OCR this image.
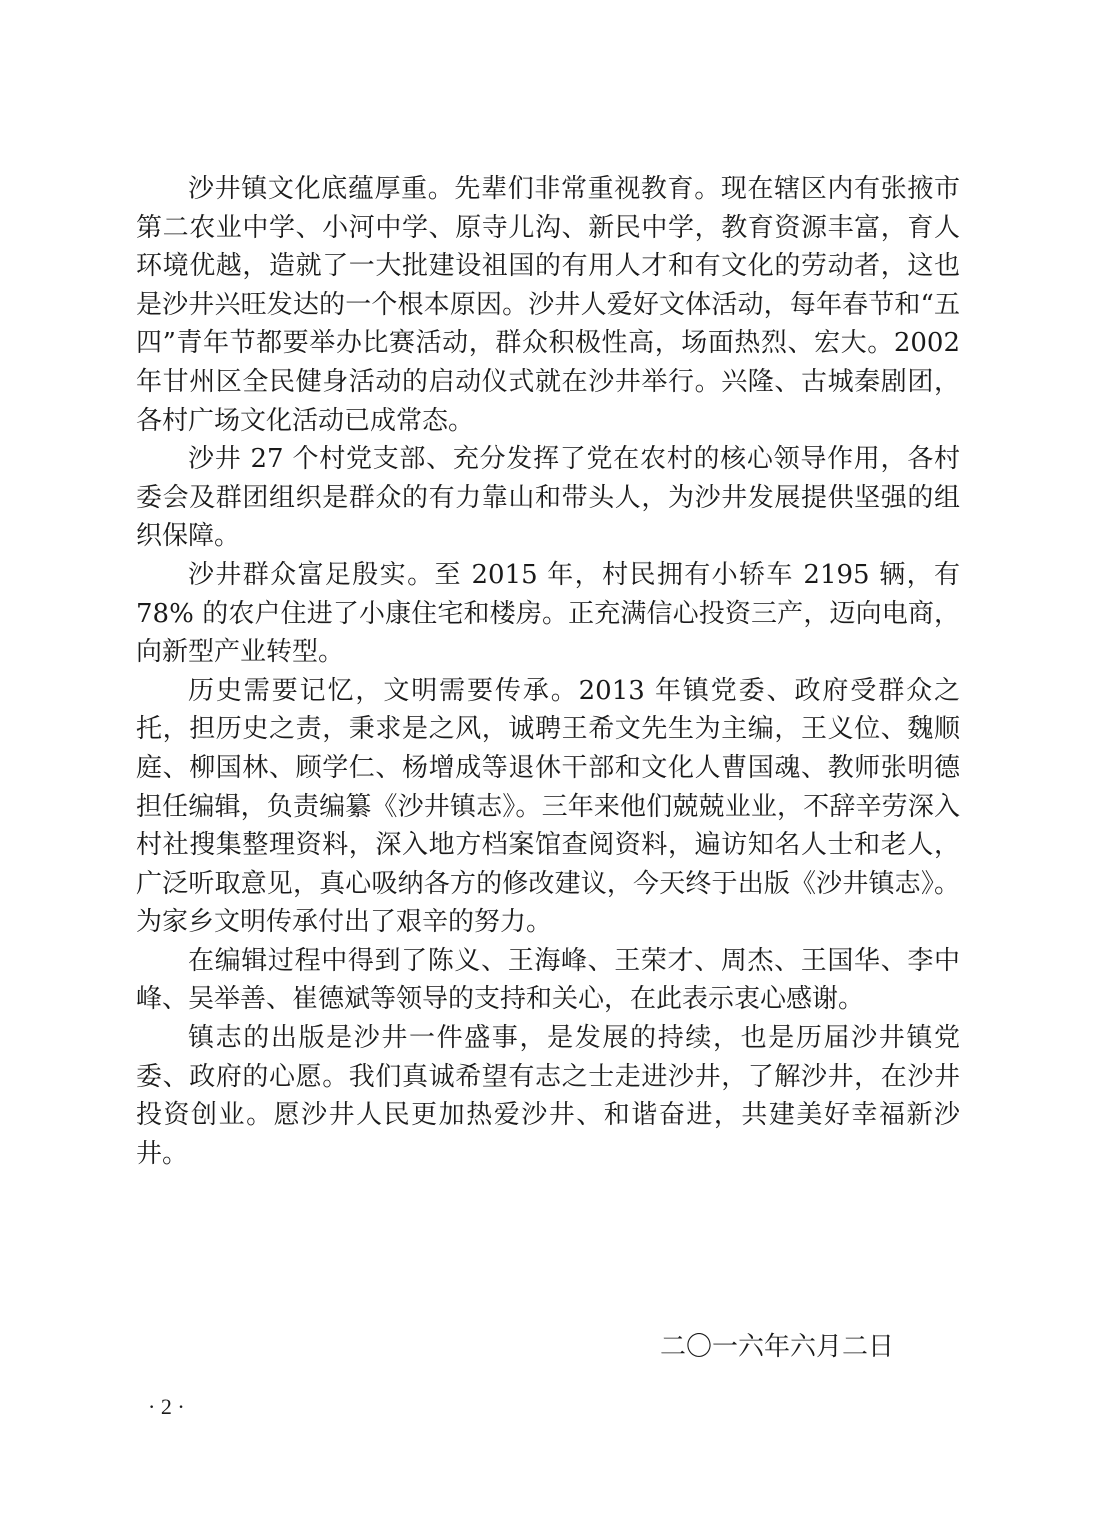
沙井镇文化底蕴厚重。先辈们非常重视教育。现在辖区内有张掖市第二农业中学、小河中学、原寺儿沟、新民中学，教育资源丰富，育人环境优越，造就了一大批建设祖国的有用人才和有文化的劳动者，这也是沙井兴旺发达的一个根本原因。沙井人爱好文体活动，每年春节和“五四”青年节都要举办比赛活动，群众积极性高，场面热烈、宏大。2002 年甘州区全民健身活动的启动仪式就在沙井举行。兴隆、古城秦剧团，各村广场文化活动已成常态。

沙井 27 个村党支部、充分发挥了党在农村的核心领导作用，各村委会及群团组织是群众的有力靠山和带头人，为沙井发展提供坚强的组织保障。

沙井群众富足殷实。至 2015 年，村民拥有小轿车 2195 辆，有 78% 的农户住进了小康住宅和楼房。正充满信心投资三产，迈向电商，向新型产业转型。

历史需要记忆，文明需要传承。2013 年镇党委、政府受群众之托，担历史之责，秉求是之风，诚聘王希文先生为主编，王义位、魏顺庭、柳国林、顾学仁、杨增成等退休干部和文化人曹国魂、教师张明德担任编辑，负责编纂《沙井镇志》。三年来他们兢兢业业，不辞辛劳深入村社搜集整理资料，深入地方档案馆查阅资料，遍访知名人士和老人，广泛听取意见，真心吸纳各方的修改建议，今天终于出版《沙井镇志》。为家乡文明传承付出了艰辛的努力。

在编辑过程中得到了陈义、王海峰、王荣才、周杰、王国华、李中峰、吴举善、崔德斌等领导的支持和关心，在此表示衷心感谢。

镇志的出版是沙井一件盛事，是发展的持续，也是历届沙井镇党委、政府的心愿。我们真诚希望有志之士走进沙井，了解沙井，在沙井投资创业。愿沙井人民更加热爱沙井、和谐奋进，共建美好幸福新沙井。

二〇一六年六月二日
· 2 ·
